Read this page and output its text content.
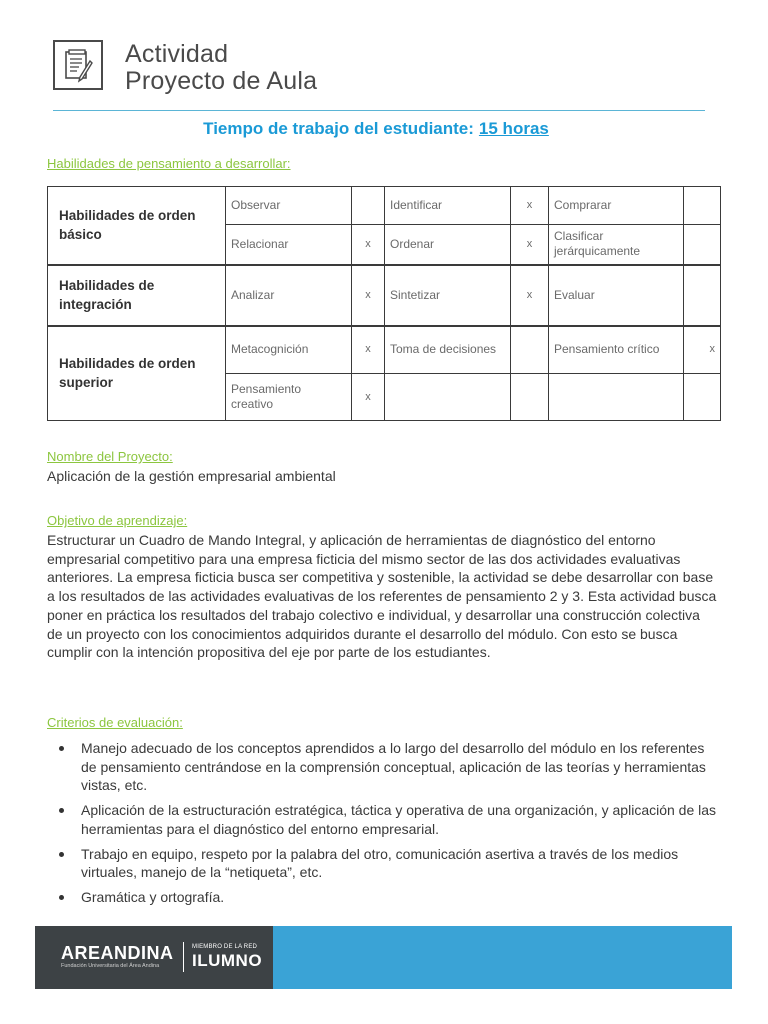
Actividad
Proyecto de Aula
Tiempo de trabajo del estudiante: 15 horas
Habilidades de pensamiento a desarrollar:
Habilidades de orden básico	Observar		Identificar	x	Comprarar	
	Relacionar	x	Ordenar	x	Clasificar jerárquicamente	
Habilidades de integración	Analizar	x	Sintetizar	x	Evaluar	
Habilidades de orden superior	Metacognición	x	Toma de decisiones		Pensamiento crítico	x
	Pensamiento creativo	x				
Nombre del Proyecto:
Aplicación de la gestión empresarial ambiental
Objetivo de aprendizaje:
Estructurar un Cuadro de Mando Integral, y aplicación de herramientas de diagnóstico del entorno empresarial competitivo para una empresa ficticia del mismo sector de las dos actividades evaluativas anteriores. La empresa ficticia busca ser competitiva y sostenible, la actividad se debe desarrollar con base a los resultados de las actividades evaluativas de los referentes de pensamiento 2 y 3. Esta actividad busca poner en práctica los resultados del trabajo colectivo e individual, y desarrollar una construcción colectiva de un proyecto con los conocimientos adquiridos durante el desarrollo del módulo. Con esto se busca cumplir con la intención propositiva del eje por parte de los estudiantes.
Criterios de evaluación:
Manejo adecuado de los conceptos aprendidos a lo largo del desarrollo del módulo en los referentes de pensamiento centrándose en la comprensión conceptual, aplicación de las teorías y herramientas vistas, etc.
Aplicación de la estructuración estratégica, táctica y operativa de una organización, y aplicación de las herramientas para el diagnóstico del entorno empresarial.
Trabajo en equipo, respeto por la palabra del otro, comunicación asertiva a través de los medios virtuales, manejo de la “netiqueta”, etc.
Gramática y ortografía.
AREANDINA
Fundación Universitaria del Área Andina
MIEMBRO DE LA RED
ILUMNO
